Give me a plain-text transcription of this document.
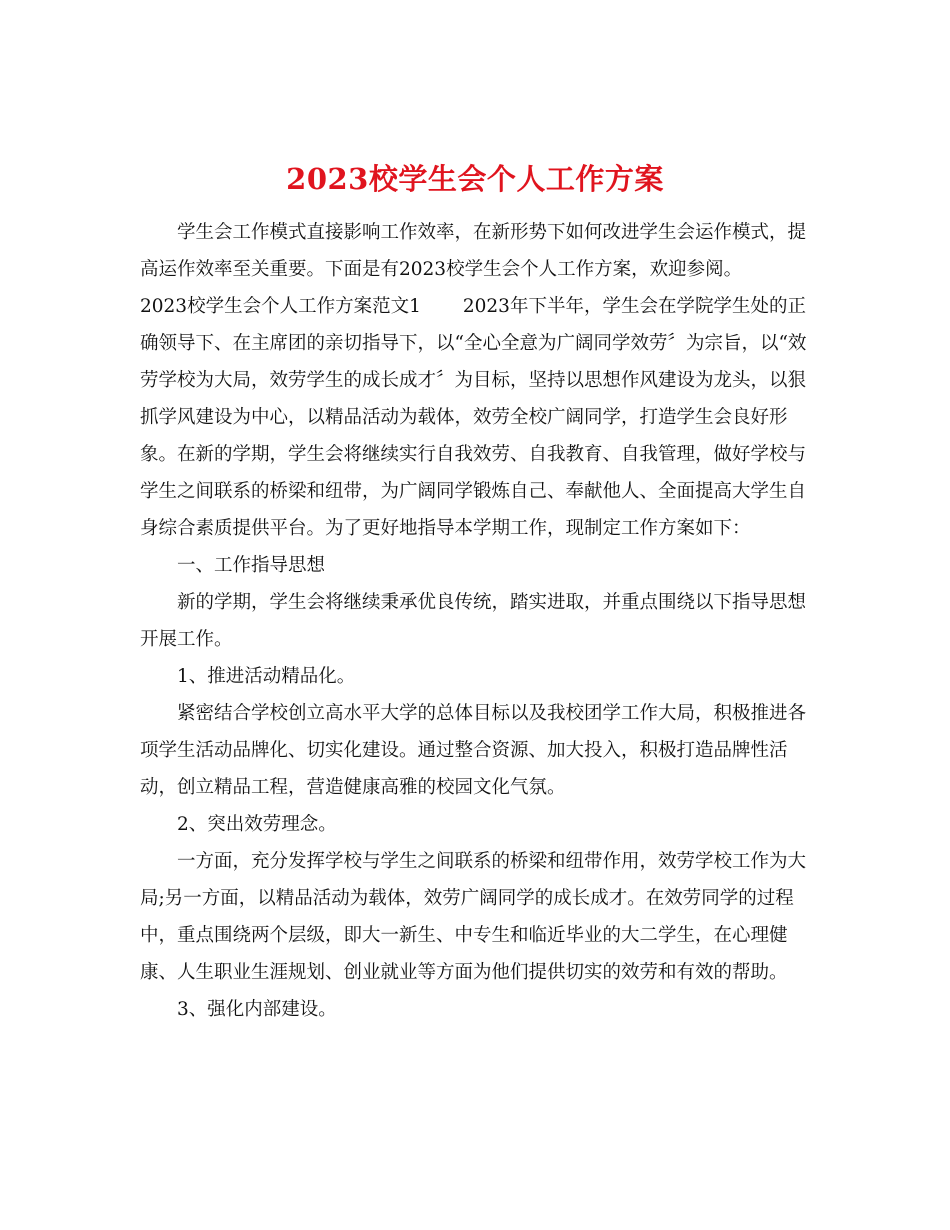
2023校学生会个人工作方案

学生会工作模式直接影响工作效率，在新形势下如何改进学生会运作模式，提高运作效率至关重要。下面是有2023校学生会个人工作方案，欢迎参阅。

2023校学生会个人工作方案范文1 2023年下半年，学生会在学院学生处的正确领导下、在主席团的亲切指导下，以“全心全意为广阔同学效劳〞为宗旨，以“效劳学校为大局，效劳学生的成长成才〞为目标，坚持以思想作风建设为龙头，以狠抓学风建设为中心，以精品活动为载体，效劳全校广阔同学，打造学生会良好形象。在新的学期，学生会将继续实行自我效劳、自我教育、自我管理，做好学校与学生之间联系的桥梁和纽带，为广阔同学锻炼自己、奉献他人、全面提高大学生自身综合素质提供平台。为了更好地指导本学期工作，现制定工作方案如下：

一、工作指导思想

新的学期，学生会将继续秉承优良传统，踏实进取，并重点围绕以下指导思想开展工作。

1、推进活动精品化。

紧密结合学校创立高水平大学的总体目标以及我校团学工作大局，积极推进各项学生活动品牌化、切实化建设。通过整合资源、加大投入，积极打造品牌性活动，创立精品工程，营造健康高雅的校园文化气氛。

2、突出效劳理念。

一方面，充分发挥学校与学生之间联系的桥梁和纽带作用，效劳学校工作为大局;另一方面，以精品活动为载体，效劳广阔同学的成长成才。在效劳同学的过程中，重点围绕两个层级，即大一新生、中专生和临近毕业的大二学生，在心理健康、人生职业生涯规划、创业就业等方面为他们提供切实的效劳和有效的帮助。

3、强化内部建设。
